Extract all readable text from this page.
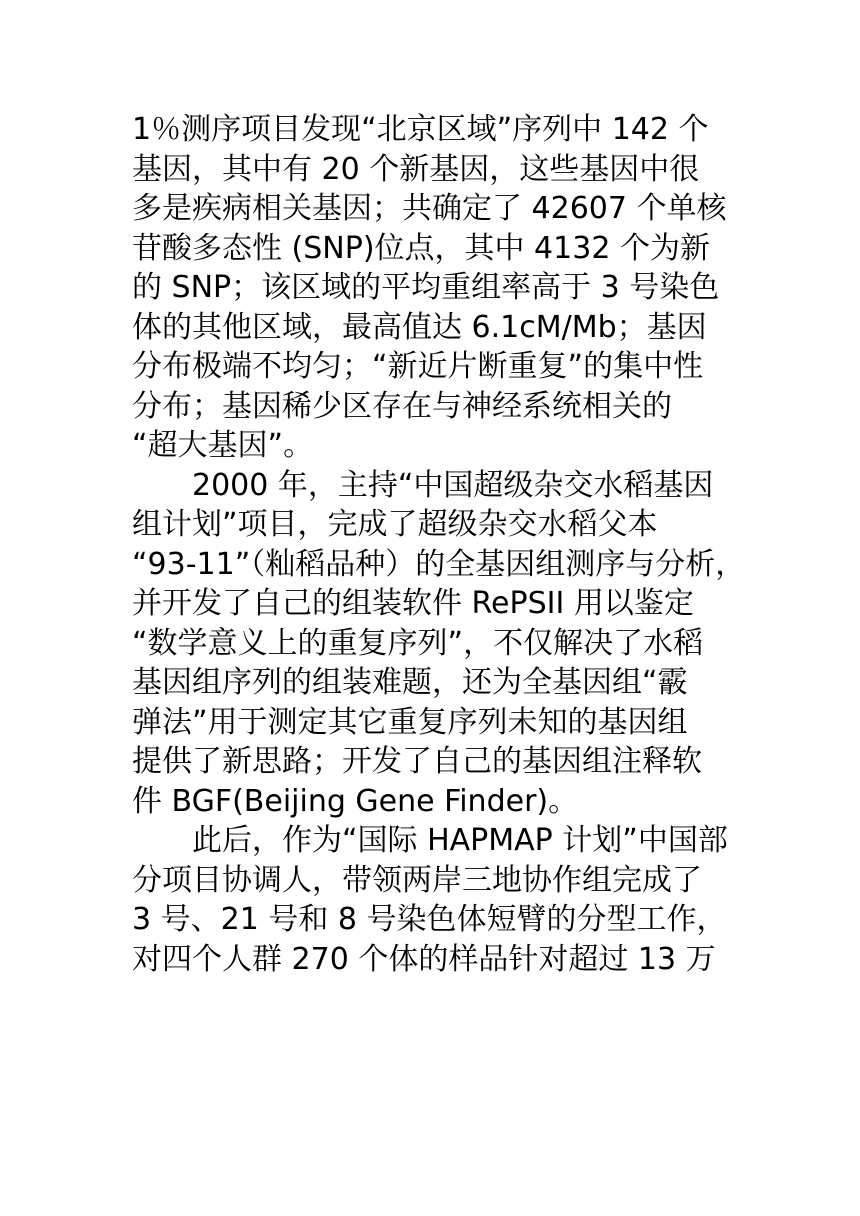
1％测序项目发现“北京区域”序列中 142 个
基因，其中有 20 个新基因，这些基因中很
多是疾病相关基因；共确定了 42607 个单核
苷酸多态性 (SNP)位点，其中 4132 个为新
的 SNP；该区域的平均重组率高于 3 号染色
体的其他区域，最高值达 6.1cM/Mb；基因
分布极端不均匀；“新近片断重复”的集中性
分布；基因稀少区存在与神经系统相关的
“超大基因”。
2000 年，主持“中国超级杂交水稻基因
组计划”项目，完成了超级杂交水稻父本
“93-11”（籼稻品种）的全基因组测序与分析，
并开发了自己的组装软件 RePSII 用以鉴定
“数学意义上的重复序列”，不仅解决了水稻
基因组序列的组装难题，还为全基因组“霰
弹法”用于测定其它重复序列未知的基因组
提供了新思路；开发了自己的基因组注释软
件 BGF(Beijing Gene Finder)。
此后，作为“国际 HAPMAP 计划”中国部
分项目协调人，带领两岸三地协作组完成了
3 号、21 号和 8 号染色体短臂的分型工作，
对四个人群 270 个体的样品针对超过 13 万
